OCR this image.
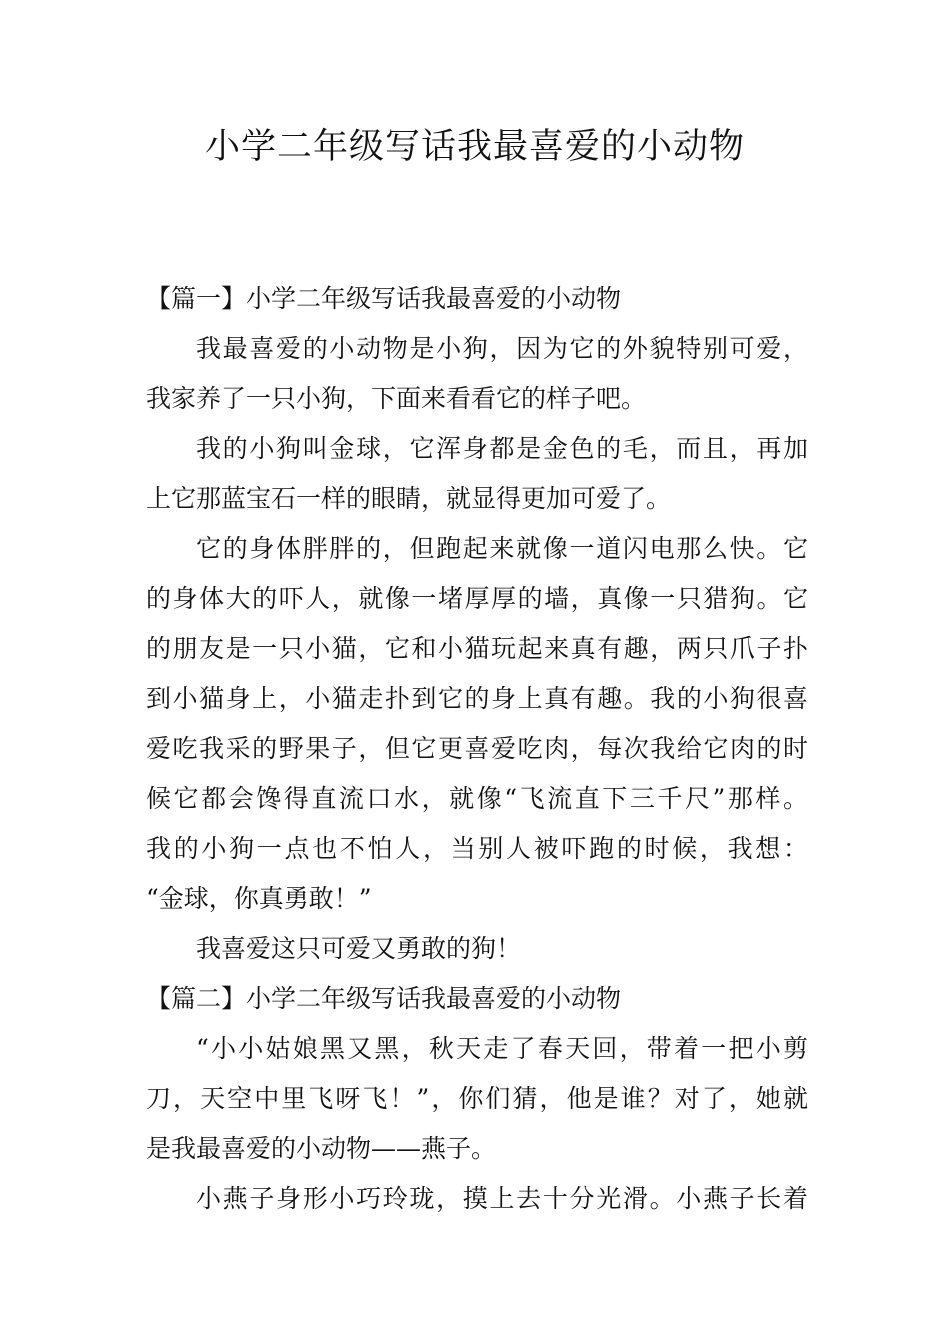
小学二年级写话我最喜爱的小动物
【篇一】小学二年级写话我最喜爱的小动物
我最喜爱的小动物是小狗，因为它的外貌特别可爱，
我家养了一只小狗，下面来看看它的样子吧。
我的小狗叫金球，它浑身都是金色的毛，而且，再加
上它那蓝宝石一样的眼睛，就显得更加可爱了。
它的身体胖胖的，但跑起来就像一道闪电那么快。它
的身体大的吓人，就像一堵厚厚的墙，真像一只猎狗。它
的朋友是一只小猫，它和小猫玩起来真有趣，两只爪子扑
到小猫身上，小猫走扑到它的身上真有趣。我的小狗很喜
爱吃我采的野果子，但它更喜爱吃肉，每次我给它肉的时
候它都会馋得直流口水，就像“飞流直下三千尺”那样。
我的小狗一点也不怕人，当别人被吓跑的时候，我想：
“金球，你真勇敢！”
我喜爱这只可爱又勇敢的狗！
【篇二】小学二年级写话我最喜爱的小动物
“小小姑娘黑又黑，秋天走了春天回，带着一把小剪
刀，天空中里飞呀飞！”，你们猜，他是谁？对了，她就
是我最喜爱的小动物——燕子。
小燕子身形小巧玲珑，摸上去十分光滑。小燕子长着
